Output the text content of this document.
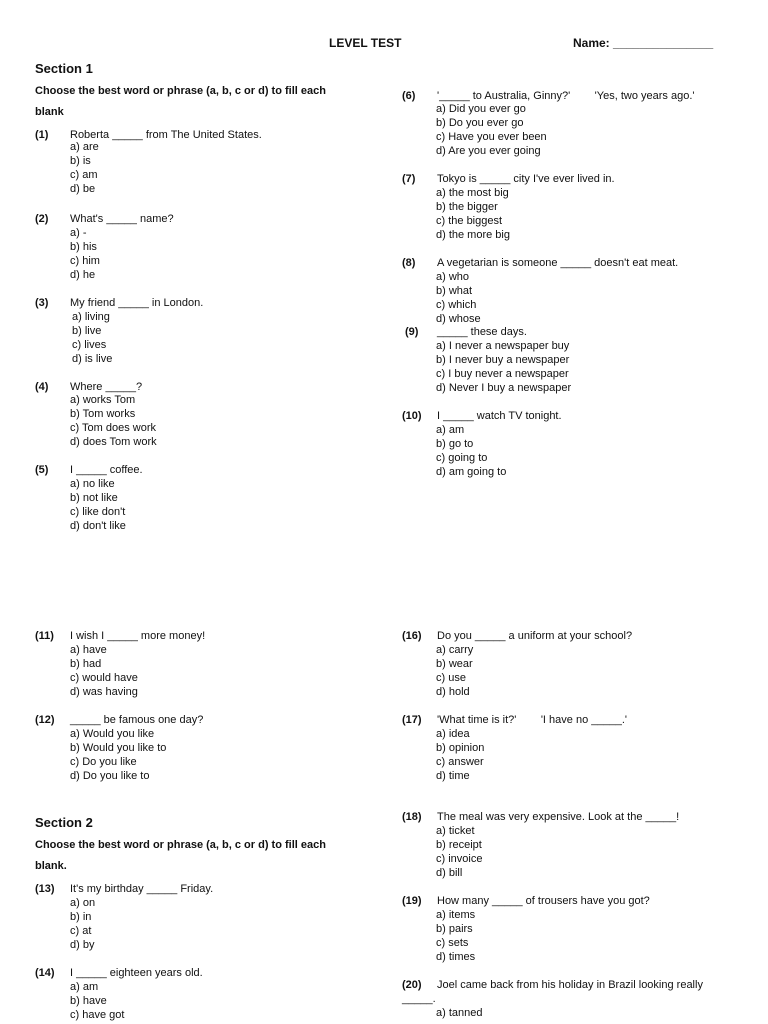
LEVEL TEST	Name: _______________
Section 1
Choose the best word or phrase (a, b, c or d) to fill each blank
Section 2
Choose the best word or phrase (a, b, c or d) to fill each blank.
(1) Roberta _____ from The United States.
a) are
b) is
c) am
d) be
(2) What's _____ name?
a) -
b) his
c) him
d) he
(3) My friend _____ in London.
a) living
b) live
c) lives
d) is live
(4) Where _____?
a) works Tom
b) Tom works
c) Tom does work
d) does Tom work
(5) I _____ coffee.
a) no like
b) not like
c) like don't
d) don't like
(6) '_____ to Australia, Ginny?'        'Yes, two years ago.'
a) Did you ever go
b) Do you ever go
c) Have you ever been
d) Are you ever going
(7) Tokyo is _____ city I've ever lived in.
a) the most big
b) the bigger
c) the biggest
d) the more big
(8) A vegetarian is someone _____ doesn't eat meat.
a) who
b) what
c) which
d) whose
(9) _____ these days.
a) I never a newspaper buy
b) I never buy a newspaper
c) I buy never a newspaper
d) Never I buy a newspaper
(10) I _____ watch TV tonight.
a) am
b) go to
c) going to
d) am going to
(11) I wish I _____ more money!
a) have
b) had
c) would have
d) was having
(12) _____ be famous one day?
a) Would you like
b) Would you like to
c) Do you like
d) Do you like to
(13) It's my birthday _____ Friday.
a) on
b) in
c) at
d) by
(14) I _____ eighteen years old.
a) am
b) have
c) have got
(16) Do you _____ a uniform at your school?
a) carry
b) wear
c) use
d) hold
(17) 'What time is it?'        'I have no _____.'
a) idea
b) opinion
c) answer
d) time
(18) The meal was very expensive. Look at the _____!
a) ticket
b) receipt
c) invoice
d) bill
(19) How many _____ of trousers have you got?
a) items
b) pairs
c) sets
d) times
(20) Joel came back from his holiday in Brazil looking really
_____.
a) tanned
